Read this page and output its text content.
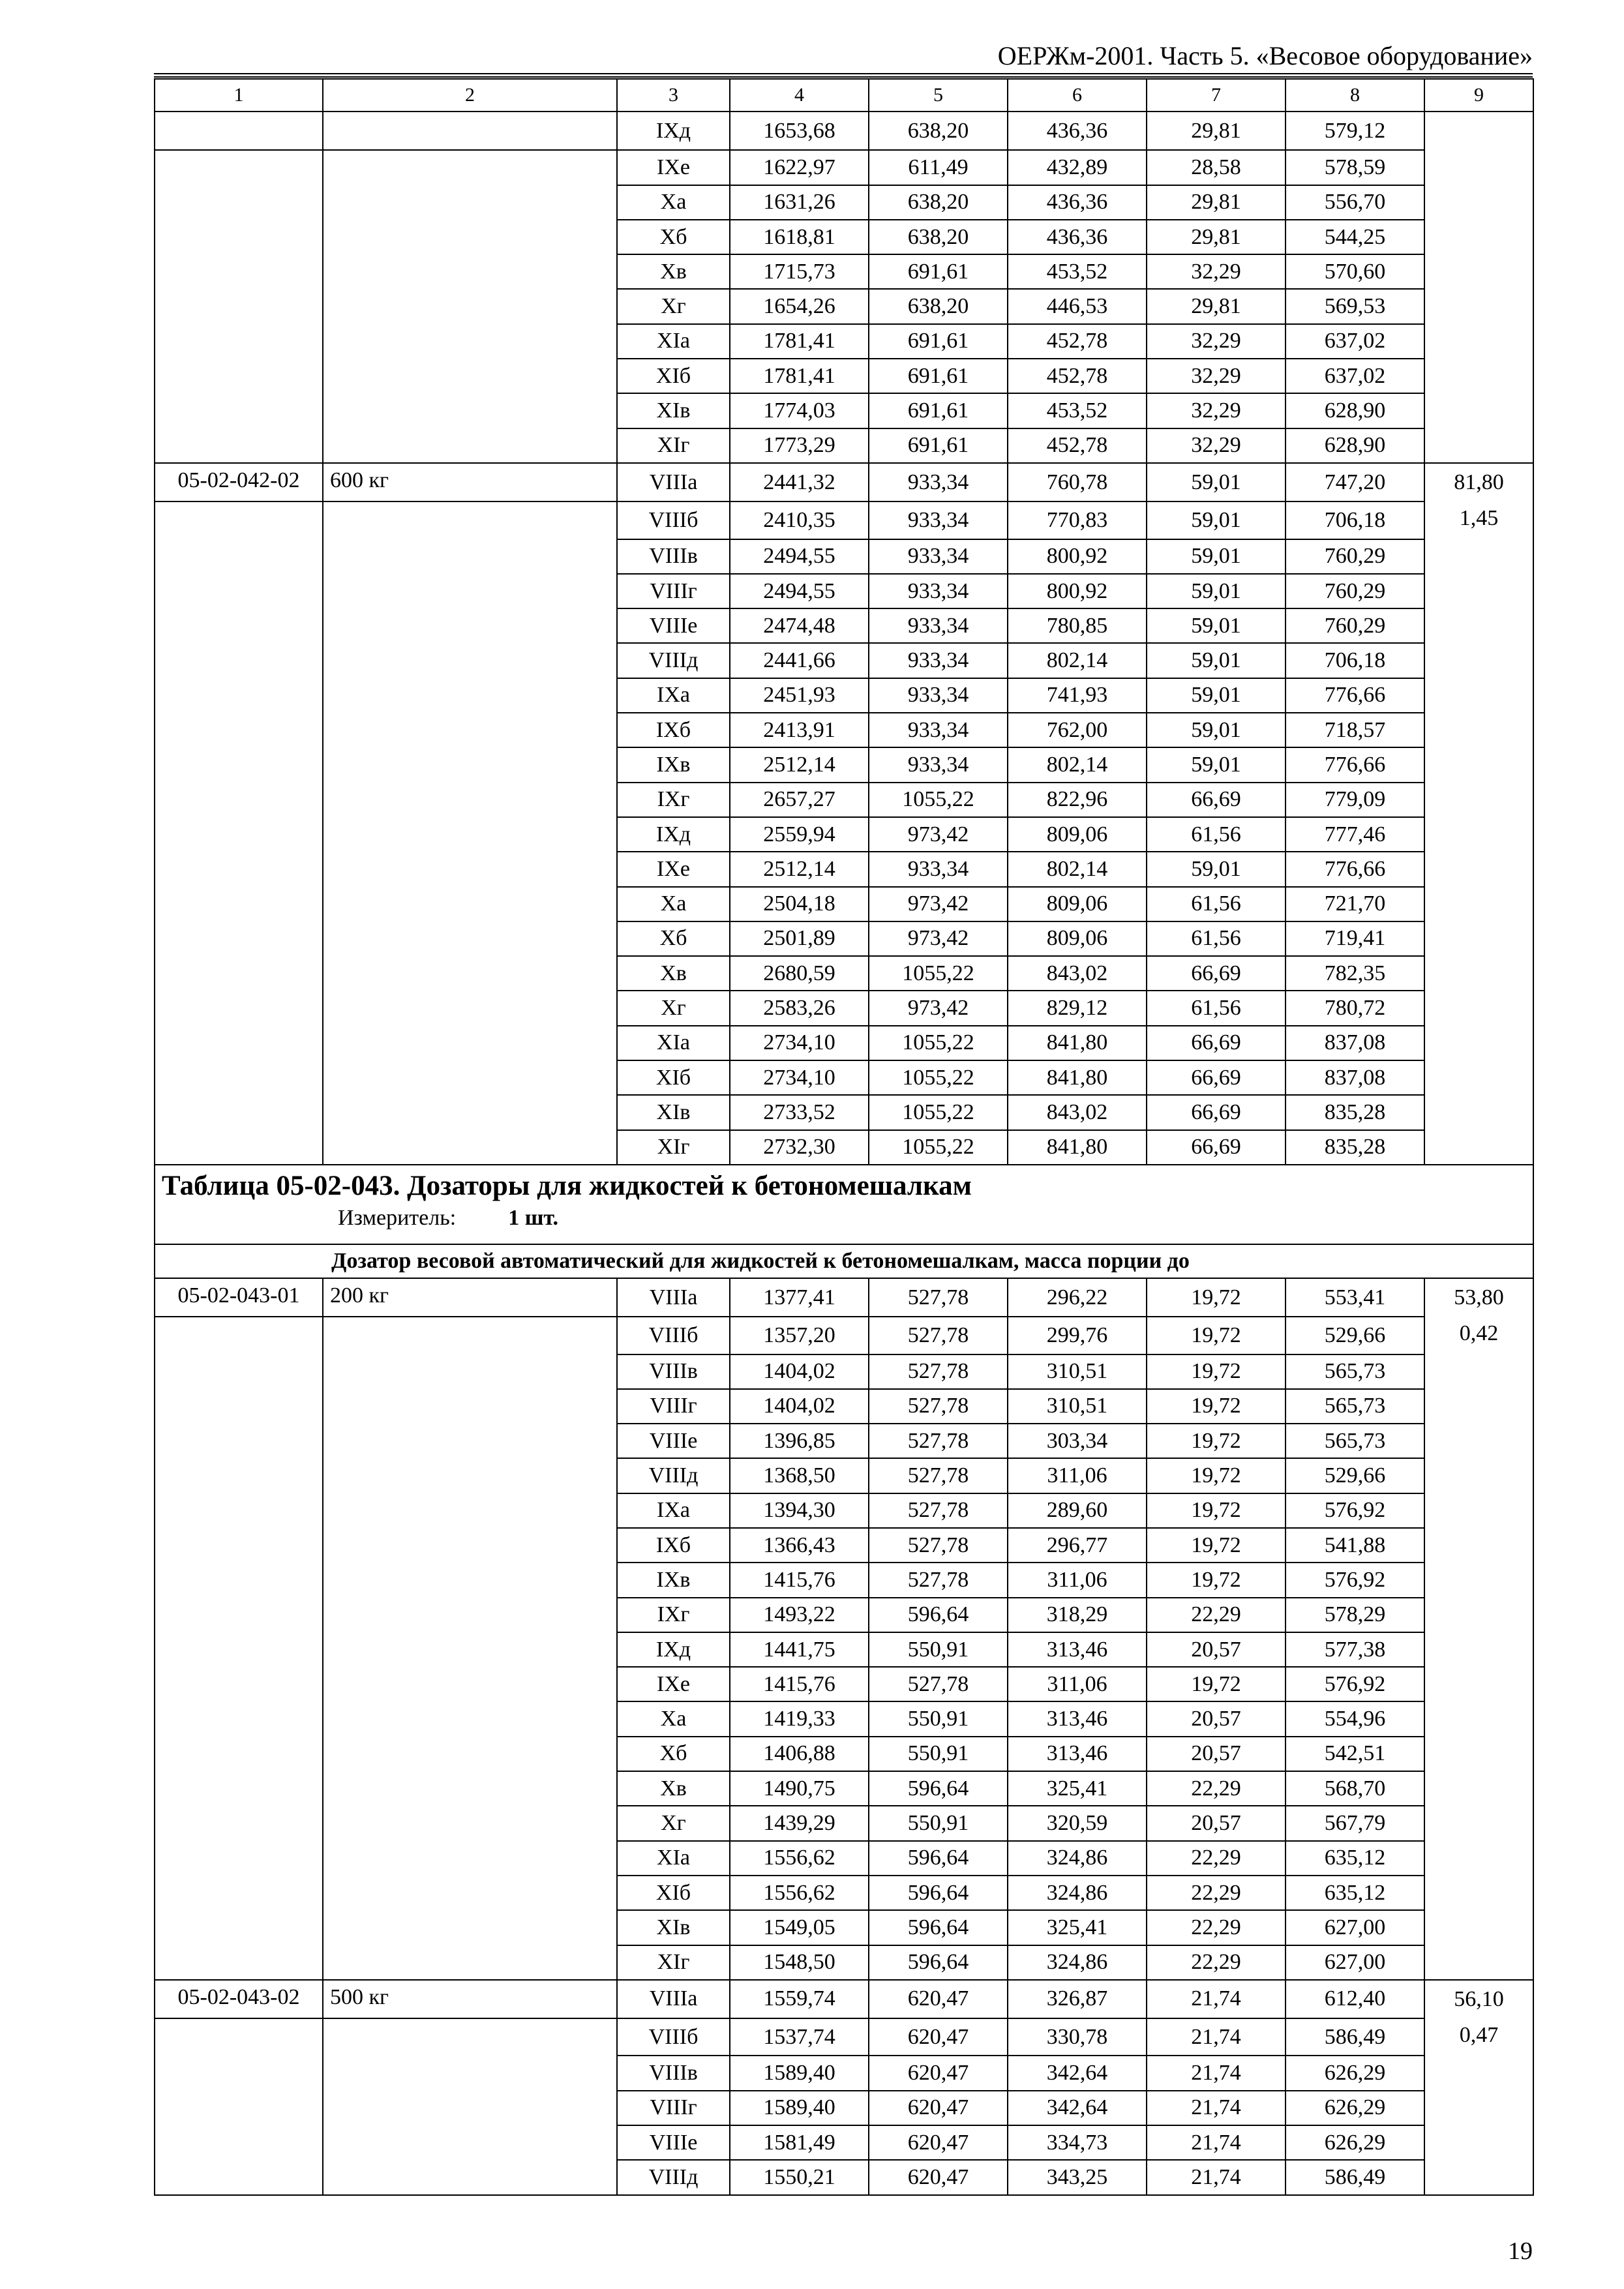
ОЕРЖм-2001. Часть 5. «Весовое оборудование»
1	2	3	4	5	6	7	8	9
		IXд	1653,68	638,20	436,36	29,81	579,12	
		IXе	1622,97	611,49	432,89	28,58	578,59	
		Xа	1631,26	638,20	436,36	29,81	556,70	
		Xб	1618,81	638,20	436,36	29,81	544,25	
		Xв	1715,73	691,61	453,52	32,29	570,60	
		Xг	1654,26	638,20	446,53	29,81	569,53	
		XIа	1781,41	691,61	452,78	32,29	637,02	
		XIб	1781,41	691,61	452,78	32,29	637,02	
		XIв	1774,03	691,61	453,52	32,29	628,90	
		XIг	1773,29	691,61	452,78	32,29	628,90	
05-02-042-02	600 кг	VIIIа	2441,32	933,34	760,78	59,01	747,20	81,80
		VIIIб	2410,35	933,34	770,83	59,01	706,18	1,45
		VIIIв	2494,55	933,34	800,92	59,01	760,29	
		VIIIг	2494,55	933,34	800,92	59,01	760,29	
		VIIIе	2474,48	933,34	780,85	59,01	760,29	
		VIIIд	2441,66	933,34	802,14	59,01	706,18	
		IXа	2451,93	933,34	741,93	59,01	776,66	
		IXб	2413,91	933,34	762,00	59,01	718,57	
		IXв	2512,14	933,34	802,14	59,01	776,66	
		IXг	2657,27	1055,22	822,96	66,69	779,09	
		IXд	2559,94	973,42	809,06	61,56	777,46	
		IXе	2512,14	933,34	802,14	59,01	776,66	
		Xа	2504,18	973,42	809,06	61,56	721,70	
		Xб	2501,89	973,42	809,06	61,56	719,41	
		Xв	2680,59	1055,22	843,02	66,69	782,35	
		Xг	2583,26	973,42	829,12	61,56	780,72	
		XIа	2734,10	1055,22	841,80	66,69	837,08	
		XIб	2734,10	1055,22	841,80	66,69	837,08	
		XIв	2733,52	1055,22	843,02	66,69	835,28	
		XIг	2732,30	1055,22	841,80	66,69	835,28	

Таблица 05-02-043. Дозаторы для жидкостей к бетономешалкам
Измеритель: 1 шт.								

Дозатор весовой автоматический для жидкостей к бетономешалкам, масса порции до								
05-02-043-01	200 кг	VIIIа	1377,41	527,78	296,22	19,72	553,41	53,80
		VIIIб	1357,20	527,78	299,76	19,72	529,66	0,42
		VIIIв	1404,02	527,78	310,51	19,72	565,73	
		VIIIг	1404,02	527,78	310,51	19,72	565,73	
		VIIIе	1396,85	527,78	303,34	19,72	565,73	
		VIIIд	1368,50	527,78	311,06	19,72	529,66	
		IXа	1394,30	527,78	289,60	19,72	576,92	
		IXб	1366,43	527,78	296,77	19,72	541,88	
		IXв	1415,76	527,78	311,06	19,72	576,92	
		IXг	1493,22	596,64	318,29	22,29	578,29	
		IXд	1441,75	550,91	313,46	20,57	577,38	
		IXе	1415,76	527,78	311,06	19,72	576,92	
		Xа	1419,33	550,91	313,46	20,57	554,96	
		Xб	1406,88	550,91	313,46	20,57	542,51	
		Xв	1490,75	596,64	325,41	22,29	568,70	
		Xг	1439,29	550,91	320,59	20,57	567,79	
		XIа	1556,62	596,64	324,86	22,29	635,12	
		XIб	1556,62	596,64	324,86	22,29	635,12	
		XIв	1549,05	596,64	325,41	22,29	627,00	
		XIг	1548,50	596,64	324,86	22,29	627,00	
05-02-043-02	500 кг	VIIIа	1559,74	620,47	326,87	21,74	612,40	56,10
		VIIIб	1537,74	620,47	330,78	21,74	586,49	0,47
		VIIIв	1589,40	620,47	342,64	21,74	626,29	
		VIIIг	1589,40	620,47	342,64	21,74	626,29	
		VIIIе	1581,49	620,47	334,73	21,74	626,29	
		VIIIд	1550,21	620,47	343,25	21,74	586,49	
19
